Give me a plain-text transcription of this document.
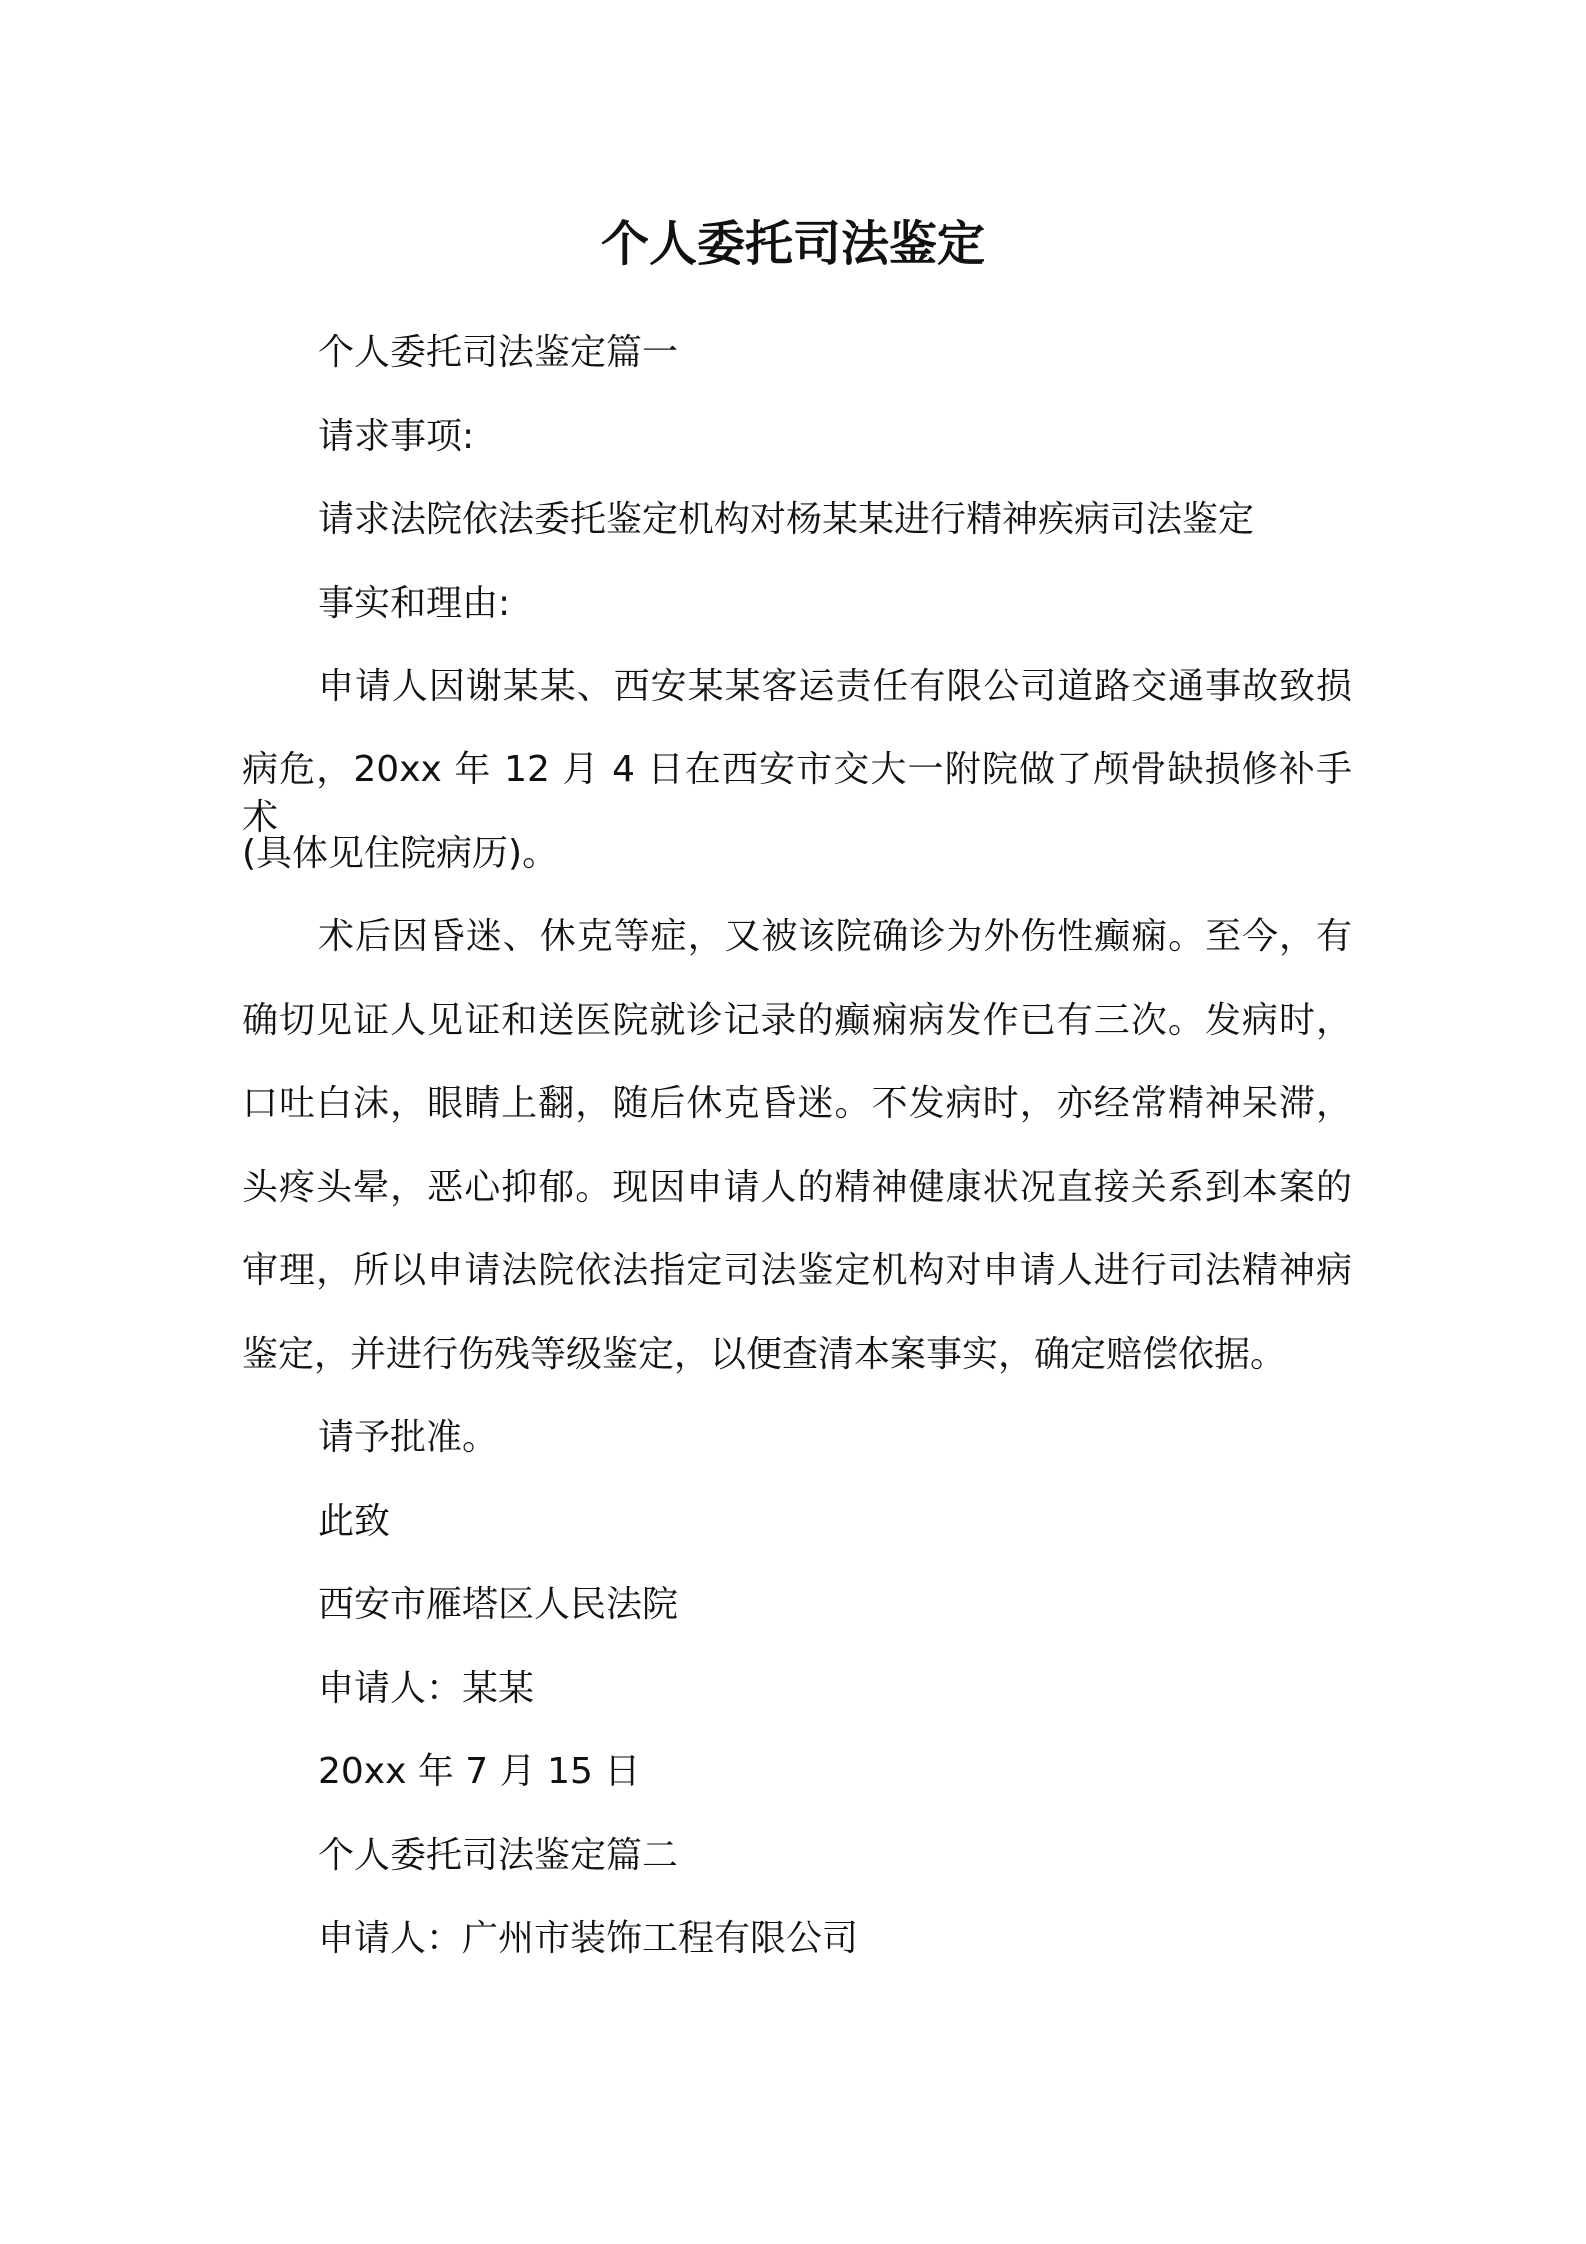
个人委托司法鉴定

个人委托司法鉴定篇一

请求事项:

请求法院依法委托鉴定机构对杨某某进行精神疾病司法鉴定

事实和理由:

申请人因谢某某、西安某某客运责任有限公司道路交通事故致损

病危，20xx 年 12 月 4 日在西安市交大一附院做了颅骨缺损修补手术

(具体见住院病历)。

术后因昏迷、休克等症，又被该院确诊为外伤性癫痫。至今，有

确切见证人见证和送医院就诊记录的癫痫病发作已有三次。发病时，

口吐白沫，眼睛上翻，随后休克昏迷。不发病时，亦经常精神呆滞，

头疼头晕，恶心抑郁。现因申请人的精神健康状况直接关系到本案的

审理，所以申请法院依法指定司法鉴定机构对申请人进行司法精神病

鉴定，并进行伤残等级鉴定，以便查清本案事实，确定赔偿依据。

请予批准。

此致

西安市雁塔区人民法院

申请人：某某

20xx 年 7 月 15 日

个人委托司法鉴定篇二

申请人：广州市装饰工程有限公司
